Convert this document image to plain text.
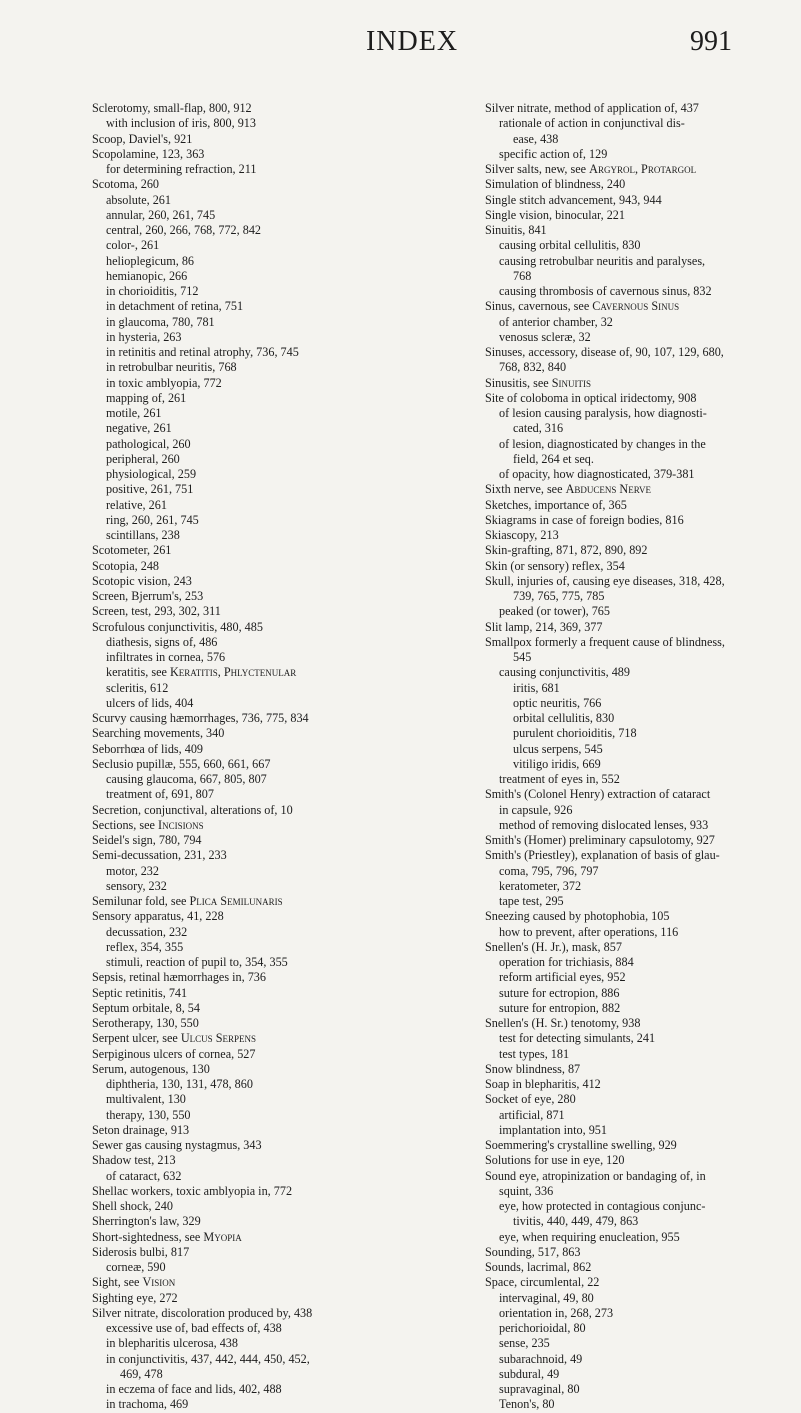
INDEX	991
Sclerotomy, small-flap, 800, 912
with inclusion of iris, 800, 913
Scoop, Daviel's, 921
Scopolamine, 123, 363
for determining refraction, 211
Scotoma, 260
absolute, 261
annular, 260, 261, 745
central, 260, 266, 768, 772, 842
color-, 261
helioplegicum, 86
hemianopic, 266
in chorioiditis, 712
in detachment of retina, 751
in glaucoma, 780, 781
in hysteria, 263
in retinitis and retinal atrophy, 736, 745
in retrobulbar neuritis, 768
in toxic amblyopia, 772
mapping of, 261
motile, 261
negative, 261
pathological, 260
peripheral, 260
physiological, 259
positive, 261, 751
relative, 261
ring, 260, 261, 745
scintillans, 238
Scotometer, 261
Scotopia, 248
Scotopic vision, 243
Screen, Bjerrum's, 253
Screen, test, 293, 302, 311
Scrofulous conjunctivitis, 480, 485
diathesis, signs of, 486
infiltrates in cornea, 576
keratitis, see Keratitis, Phlyctenular
scleritis, 612
ulcers of lids, 404
Scurvy causing hæmorrhages, 736, 775, 834
Searching movements, 340
Seborrhœa of lids, 409
Seclusio pupillæ, 555, 660, 661, 667
causing glaucoma, 667, 805, 807
treatment of, 691, 807
Secretion, conjunctival, alterations of, 10
Sections, see Incisions
Seidel's sign, 780, 794
Semi-decussation, 231, 233
motor, 232
sensory, 232
Semilunar fold, see Plica Semilunaris
Sensory apparatus, 41, 228
decussation, 232
reflex, 354, 355
stimuli, reaction of pupil to, 354, 355
Sepsis, retinal hæmorrhages in, 736
Septic retinitis, 741
Septum orbitale, 8, 54
Serotherapy, 130, 550
Serpent ulcer, see Ulcus Serpens
Serpiginous ulcers of cornea, 527
Serum, autogenous, 130
diphtheria, 130, 131, 478, 860
multivalent, 130
therapy, 130, 550
Seton drainage, 913
Sewer gas causing nystagmus, 343
Shadow test, 213
of cataract, 632
Shellac workers, toxic amblyopia in, 772
Shell shock, 240
Sherrington's law, 329
Short-sightedness, see Myopia
Siderosis bulbi, 817
corneæ, 590
Sight, see Vision
Sighting eye, 272
Silver nitrate, discoloration produced by, 438
excessive use of, bad effects of, 438
in blepharitis ulcerosa, 438
in conjunctivitis, 437, 442, 444, 450, 452,
469, 478
in eczema of face and lids, 402, 488
in trachoma, 469
Silver nitrate, method of application of, 437
rationale of action in conjunctival dis-
ease, 438
specific action of, 129
Silver salts, new, see Argyrol, Protargol
Simulation of blindness, 240
Single stitch advancement, 943, 944
Single vision, binocular, 221
Sinuitis, 841
causing orbital cellulitis, 830
causing retrobulbar neuritis and paralyses,
768
causing thrombosis of cavernous sinus, 832
Sinus, cavernous, see Cavernous Sinus
of anterior chamber, 32
venosus scleræ, 32
Sinuses, accessory, disease of, 90, 107, 129, 680,
768, 832, 840
Sinusitis, see Sinuitis
Site of coloboma in optical iridectomy, 908
of lesion causing paralysis, how diagnosti-
cated, 316
of lesion, diagnosticated by changes in the
field, 264 et seq.
of opacity, how diagnosticated, 379-381
Sixth nerve, see Abducens Nerve
Sketches, importance of, 365
Skiagrams in case of foreign bodies, 816
Skiascopy, 213
Skin-grafting, 871, 872, 890, 892
Skin (or sensory) reflex, 354
Skull, injuries of, causing eye diseases, 318, 428,
739, 765, 775, 785
peaked (or tower), 765
Slit lamp, 214, 369, 377
Smallpox formerly a frequent cause of blindness,
545
causing conjunctivitis, 489
iritis, 681
optic neuritis, 766
orbital cellulitis, 830
purulent chorioiditis, 718
ulcus serpens, 545
vitiligo iridis, 669
treatment of eyes in, 552
Smith's (Colonel Henry) extraction of cataract
in capsule, 926
method of removing dislocated lenses, 933
Smith's (Homer) preliminary capsulotomy, 927
Smith's (Priestley), explanation of basis of glau-
coma, 795, 796, 797
keratometer, 372
tape test, 295
Sneezing caused by photophobia, 105
how to prevent, after operations, 116
Snellen's (H. Jr.), mask, 857
operation for trichiasis, 884
reform artificial eyes, 952
suture for ectropion, 886
suture for entropion, 882
Snellen's (H. Sr.) tenotomy, 938
test for detecting simulants, 241
test types, 181
Snow blindness, 87
Soap in blepharitis, 412
Socket of eye, 280
artificial, 871
implantation into, 951
Soemmering's crystalline swelling, 929
Solutions for use in eye, 120
Sound eye, atropinization or bandaging of, in
squint, 336
eye, how protected in contagious conjunc-
tivitis, 440, 449, 479, 863
eye, when requiring enucleation, 955
Sounding, 517, 863
Sounds, lacrimal, 862
Space, circumlental, 22
intervaginal, 49, 80
orientation in, 268, 273
perichorioidal, 80
sense, 235
subarachnoid, 49
subdural, 49
supravaginal, 80
Tenon's, 80
